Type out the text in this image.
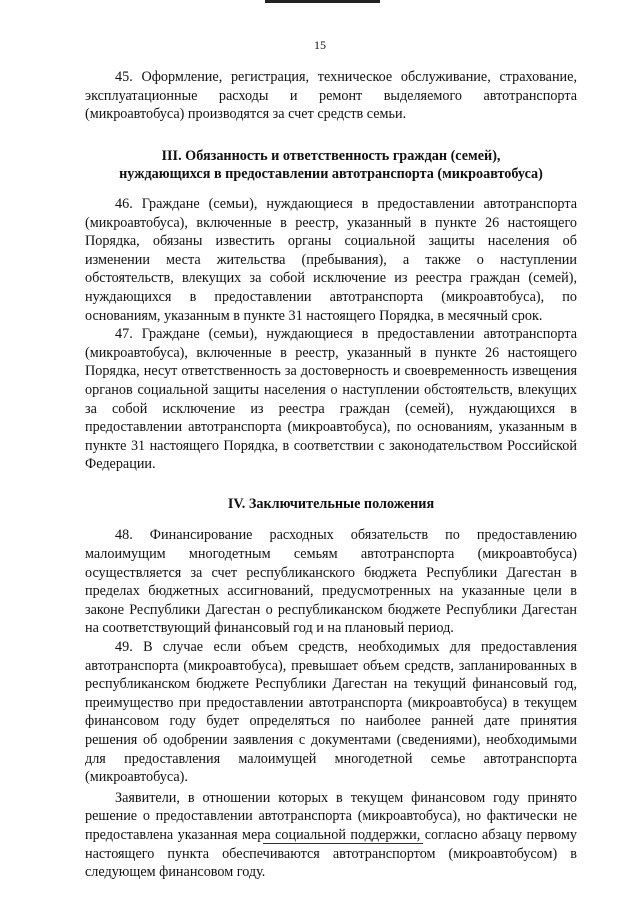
15

45. Оформление, регистрация, техническое обслуживание, страхование, эксплуатационные расходы и ремонт выделяемого автотранспорта (микроавтобуса) производятся за счет средств семьи.

III. Обязанность и ответственность граждан (семей),
нуждающихся в предоставлении автотранспорта (микроавтобуса)

46. Граждане (семьи), нуждающиеся в предоставлении автотранспорта (микроавтобуса), включенные в реестр, указанный в пункте 26 настоящего Порядка, обязаны известить органы социальной защиты населения об изменении места жительства (пребывания), а также о наступлении обстоятельств, влекущих за собой исключение из реестра граждан (семей), нуждающихся в предоставлении автотранспорта (микроавтобуса), по основаниям, указанным в пункте 31 настоящего Порядка, в месячный срок.

47. Граждане (семьи), нуждающиеся в предоставлении автотранспорта (микроавтобуса), включенные в реестр, указанный в пункте 26 настоящего Порядка, несут ответственность за достоверность и своевременность извещения органов социальной защиты населения о наступлении обстоятельств, влекущих за собой исключение из реестра граждан (семей), нуждающихся в предоставлении автотранспорта (микроавтобуса), по основаниям, указанным в пункте 31 настоящего Порядка, в соответствии с законодательством Российской Федерации.

IV. Заключительные положения

48. Финансирование расходных обязательств по предоставлению малоимущим многодетным семьям автотранспорта (микроавтобуса) осуществляется за счет республиканского бюджета Республики Дагестан в пределах бюджетных ассигнований, предусмотренных на указанные цели в законе Республики Дагестан о республиканском бюджете Республики Дагестан на соответствующий финансовый год и на плановый период.

49. В случае если объем средств, необходимых для предоставления автотранспорта (микроавтобуса), превышает объем средств, запланированных в республиканском бюджете Республики Дагестан на текущий финансовый год, преимущество при предоставлении автотранспорта (микроавтобуса) в текущем финансовом году будет определяться по наиболее ранней дате принятия решения об одобрении заявления с документами (сведениями), необходимыми для предоставления малоимущей многодетной семье автотранспорта (микроавтобуса).

Заявители, в отношении которых в текущем финансовом году принято решение о предоставлении автотранспорта (микроавтобуса), но фактически не предоставлена указанная мера социальной поддержки, согласно абзацу первому настоящего пункта обеспечиваются автотранспортом (микроавтобусом) в следующем финансовом году.
